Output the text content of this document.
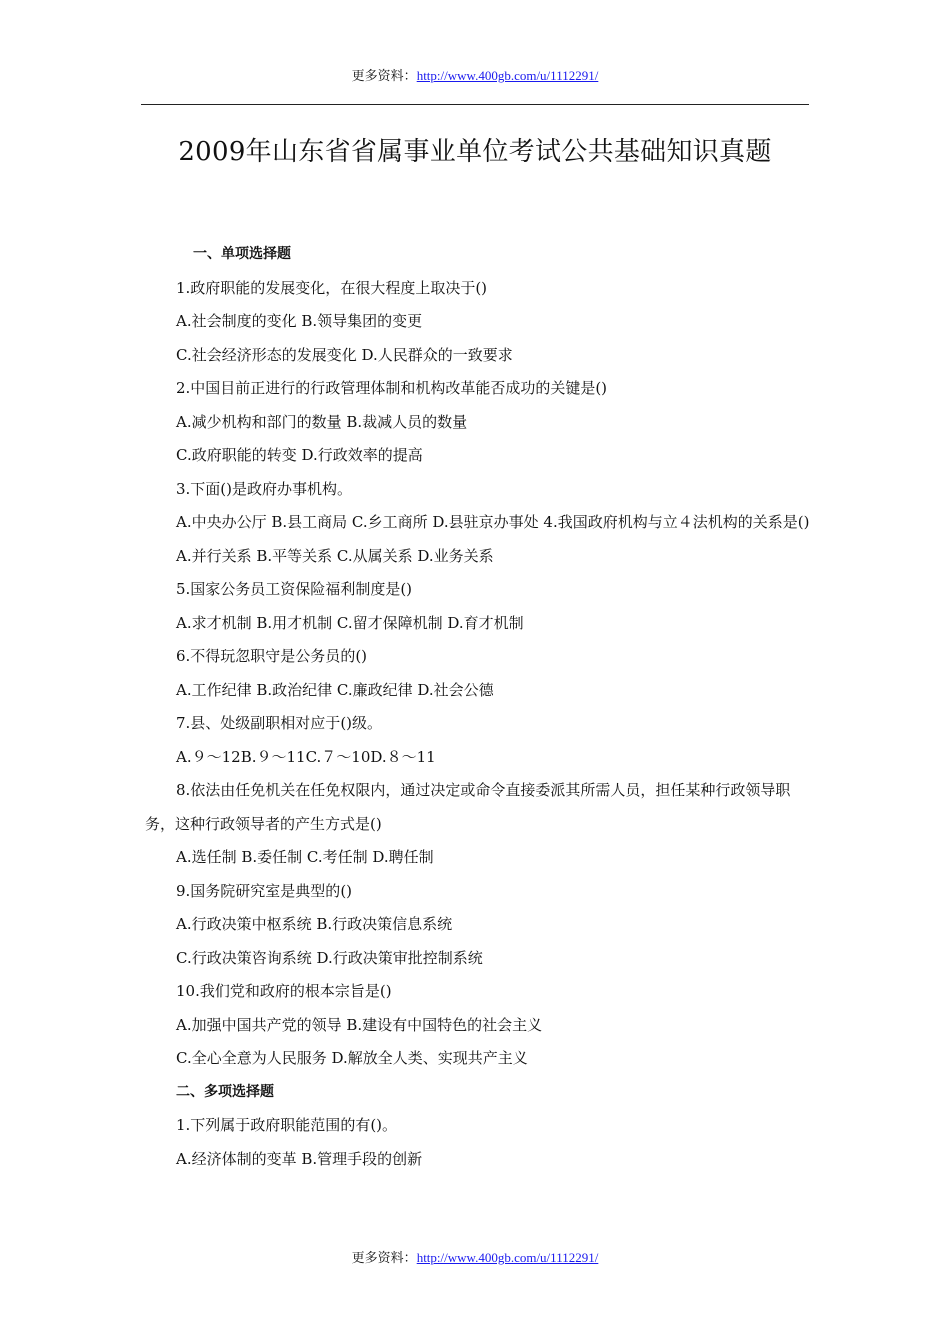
更多资料：http://www.400gb.com/u/1112291/
2009年山东省省属事业单位考试公共基础知识真题
一、单项选择题
1.政府职能的发展变化，在很大程度上取决于()
A.社会制度的变化 B.领导集团的变更
C.社会经济形态的发展变化 D.人民群众的一致要求
2.中国目前正进行的行政管理体制和机构改革能否成功的关键是()
A.减少机构和部门的数量 B.裁减人员的数量
C.政府职能的转变 D.行政效率的提高
3.下面()是政府办事机构。
A.中央办公厅 B.县工商局 C.乡工商所 D.县驻京办事处 4.我国政府机构与立４法机构的关系是()
A.并行关系 B.平等关系 C.从属关系 D.业务关系
5.国家公务员工资保险福利制度是()
A.求才机制 B.用才机制 C.留才保障机制 D.育才机制
6.不得玩忽职守是公务员的()
A.工作纪律 B.政治纪律 C.廉政纪律 D.社会公德
7.县、处级副职相对应于()级。
A.９～12B.９～11C.７～10D.８～11
8.依法由任免机关在任免权限内，通过决定或命令直接委派其所需人员，担任某种行政领导职务，这种行政领导者的产生方式是()
A.选任制 B.委任制 C.考任制 D.聘任制
9.国务院研究室是典型的()
A.行政决策中枢系统 B.行政决策信息系统
C.行政决策咨询系统 D.行政决策审批控制系统
10.我们党和政府的根本宗旨是()
A.加强中国共产党的领导 B.建设有中国特色的社会主义
C.全心全意为人民服务 D.解放全人类、实现共产主义
二、多项选择题
1.下列属于政府职能范围的有()。
A.经济体制的变革 B.管理手段的创新
更多资料：http://www.400gb.com/u/1112291/
